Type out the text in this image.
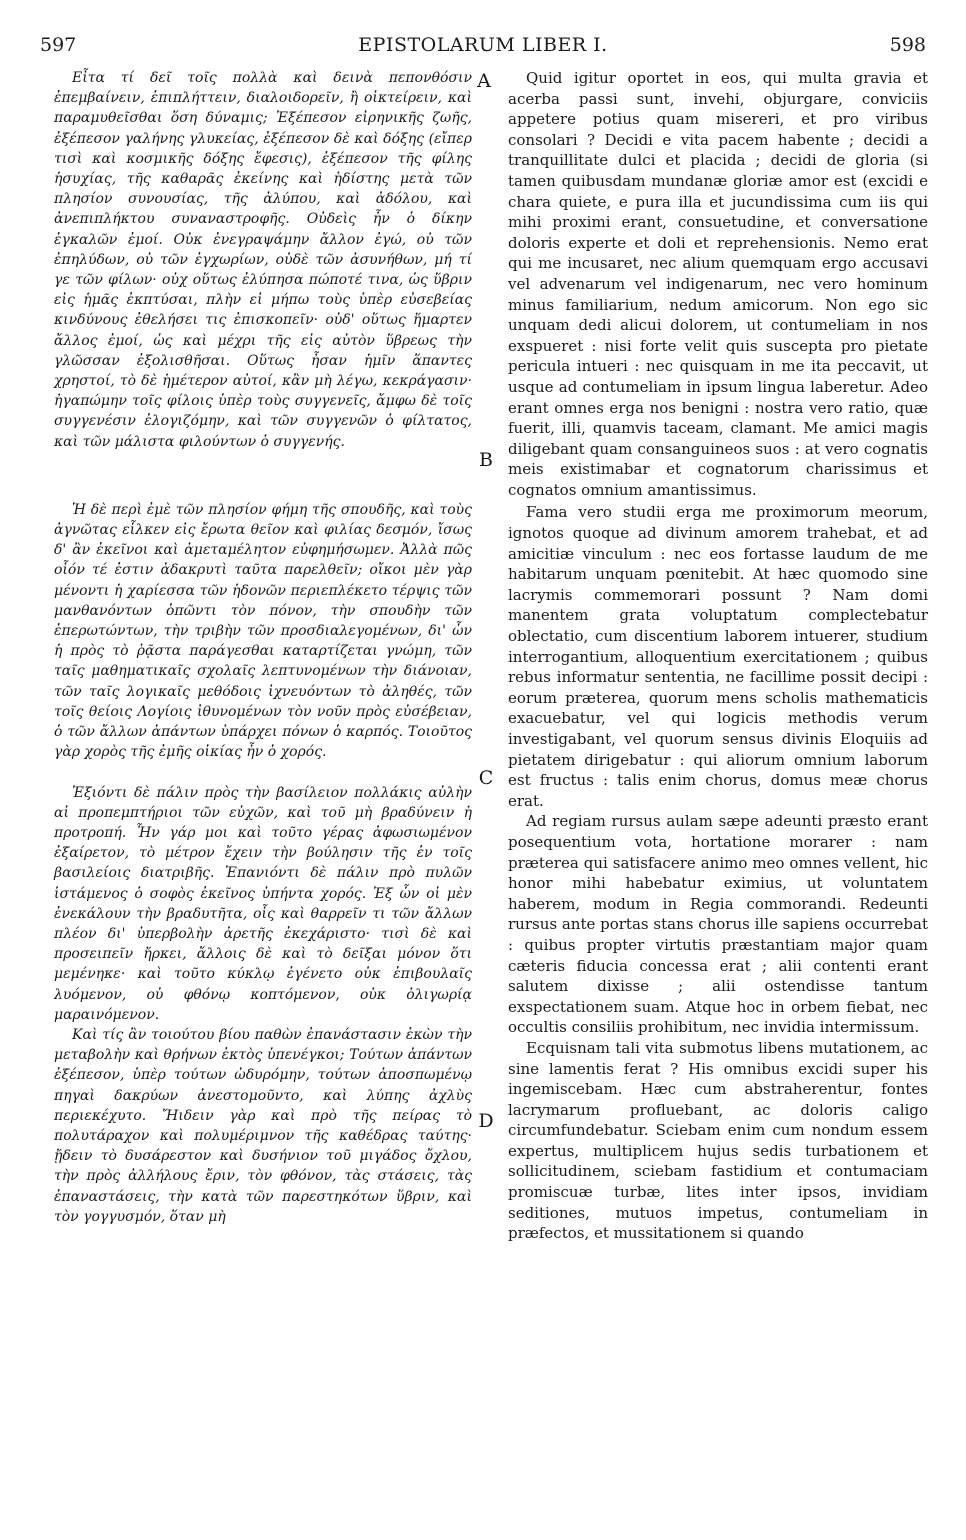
597	EPISTOLARUM LIBER I.	598

Εἶτα τί δεῖ τοῖς πολλὰ καὶ δεινὰ πεπονθόσιν ἐπεμβαίνειν, ἐπιπλήττειν, διαλοιδορεῖν, ἢ οἰκτείρειν, καὶ παραμυθεῖσθαι ὅση δύναμις; Ἐξέπεσον εἰρηνικῆς ζωῆς, ἐξέπεσον γαλήνης γλυκείας, ἐξέπεσον δὲ καὶ δόξης (εἴπερ τισὶ καὶ κοσμικῆς δόξης ἔφεσις), ἐξέπεσον τῆς φίλης ἡσυχίας, τῆς καθαρᾶς ἐκείνης καὶ ἡδίστης μετὰ τῶν πλησίον συνουσίας, τῆς ἀλύπου, καὶ ἀδόλου, καὶ ἀνεπιπλήκτου συναναστροφῆς. Οὐδεὶς ἦν ὁ δίκην ἐγκαλῶν ἐμοί. Οὐκ ἐνεγραψάμην ἄλλον ἐγώ, οὐ τῶν ἐπηλύδων, οὐ τῶν ἐγχωρίων, οὐδὲ τῶν ἀσυνήθων, μή τί γε τῶν φίλων· οὐχ οὕτως ἐλύπησα πώποτέ τινα, ὡς ὕβριν εἰς ἡμᾶς ἐκπτύσαι, πλὴν εἰ μήπω τοὺς ὑπὲρ εὐσεβείας κινδύνους ἐθελήσει τις ἐπισκοπεῖν· οὐδ' οὕτως ἥμαρτεν ἄλλος ἐμοί, ὡς καὶ μέχρι τῆς εἰς αὐτὸν ὕβρεως τὴν γλῶσσαν ἐξολισθῆσαι. Οὕτως ἦσαν ἡμῖν ἅπαντες χρηστοί, τὸ δὲ ἡμέτερον αὐτοί, κἂν μὴ λέγω, κεκράγασιν· ἠγαπώμην τοῖς φίλοις ὑπὲρ τοὺς συγγενεῖς, ἄμφω δὲ τοῖς συγγενέσιν ἐλογιζόμην, καὶ τῶν συγγενῶν ὁ φίλτατος, καὶ τῶν μάλιστα φιλούντων ὁ συγγενής.

Ἡ δὲ περὶ ἐμὲ τῶν πλησίον φήμη τῆς σπουδῆς, καὶ τοὺς ἀγνῶτας εἷλκεν εἰς ἔρωτα θεῖον καὶ φιλίας δεσμόν, ἴσως δ' ἂν ἐκεῖνοι καὶ ἀμεταμέλητον εὐφημήσωμεν. Ἀλλὰ πῶς οἷόν τέ ἐστιν ἀδακρυτὶ ταῦτα παρελθεῖν; οἴκοι μὲν γὰρ μένοντι ἡ χαρίεσσα τῶν ἡδονῶν περιεπλέκετο τέρψις τῶν μανθανόντων ὁπῶντι τὸν πόνον, τὴν σπουδὴν τῶν ἐπερωτώντων, τὴν τριβὴν τῶν προσδιαλεγομένων, δι' ὧν ἡ πρὸς τὸ ῥᾷστα παράγεσθαι καταρτίζεται γνώμη, τῶν ταῖς μαθηματικαῖς σχολαῖς λεπτυνομένων τὴν διάνοιαν, τῶν ταῖς λογικαῖς μεθόδοις ἰχνευόντων τὸ ἀληθές, τῶν τοῖς θείοις Λογίοις ἰθυνομένων τὸν νοῦν πρὸς εὐσέβειαν, ὁ τῶν ἄλλων ἁπάντων ὑπάρχει πόνων ὁ καρπός. Τοιοῦτος γὰρ χορὸς τῆς ἐμῆς οἰκίας ἦν ὁ χορός.

Ἐξιόντι δὲ πάλιν πρὸς τὴν βασίλειον πολλάκις αὐλὴν αἱ προπεμπτήριοι τῶν εὐχῶν, καὶ τοῦ μὴ βραδύνειν ἡ προτροπή. Ἦν γάρ μοι καὶ τοῦτο γέρας ἀφωσιωμένον ἐξαίρετον, τὸ μέτρον ἔχειν τὴν βούλησιν τῆς ἐν τοῖς βασιλείοις διατριβῆς. Ἐπανιόντι δὲ πάλιν πρὸ πυλῶν ἱστάμενος ὁ σοφὸς ἐκεῖνος ὑπήντα χορός. Ἐξ ὧν οἱ μὲν ἐνεκάλουν τὴν βραδυτῆτα, οἷς καὶ θαρρεῖν τι τῶν ἄλλων πλέον δι' ὑπερβολὴν ἀρετῆς ἐκεχάριστο· τισὶ δὲ καὶ προσειπεῖν ἤρκει, ἄλλοις δὲ καὶ τὸ δεῖξαι μόνον ὅτι μεμένηκε· καὶ τοῦτο κύκλῳ ἐγένετο οὐκ ἐπιβουλαῖς λυόμενον, οὐ φθόνῳ κοπτόμενον, οὐκ ὀλιγωρίᾳ μαραινόμενον.

Καὶ τίς ἂν τοιούτου βίου παθὼν ἐπανάστασιν ἑκὼν τὴν μεταβολὴν καὶ θρήνων ἐκτὸς ὑπενέγκοι; Τούτων ἁπάντων ἐξέπεσον, ὑπὲρ τούτων ὠδυρόμην, τούτων ἀποσπωμένῳ πηγαὶ δακρύων ἀνεστομοῦντο, καὶ λύπης ἀχλὺς περιεκέχυτο. Ἤιδειν γὰρ καὶ πρὸ τῆς πείρας τὸ πολυτάραχον καὶ πολυμέριμνον τῆς καθέδρας ταύτης· ᾔδειν τὸ δυσάρεστον καὶ δυσήνιον τοῦ μιγάδος ὄχλου, τὴν πρὸς ἀλλήλους ἔριν, τὸν φθόνον, τὰς στάσεις, τὰς ἐπαναστάσεις, τὴν κατὰ τῶν παρεστηκότων ὕβριν, καὶ τὸν γογγυσμόν, ὅταν μὴ

A
B
C
D

Quid igitur oportet in eos, qui multa gravia et acerba passi sunt, invehi, objurgare, conviciis appetere potius quam misereri, et pro viribus consolari ? Decidi e vita pacem habente ; decidi a tranquillitate dulci et placida ; decidi de gloria (si tamen quibusdam mundanæ gloriæ amor est (excidi e chara quiete, e pura illa et jucundissima cum iis qui mihi proximi erant, consuetudine, et conversatione doloris experte et doli et reprehensionis. Nemo erat qui me incusaret, nec alium quemquam ergo accusavi vel advenarum vel indigenarum, nec vero hominum minus familiarium, nedum amicorum. Non ego sic unquam dedi alicui dolorem, ut contumeliam in nos exspueret : nisi forte velit quis suscepta pro pietate pericula intueri : nec quisquam in me ita peccavit, ut usque ad contumeliam in ipsum lingua laberetur. Adeo erant omnes erga nos benigni : nostra vero ratio, quæ fuerit, illi, quamvis taceam, clamant. Me amici magis diligebant quam consanguineos suos : at vero cognatis meis existimabar et cognatorum charissimus et cognatos omnium amantissimus.

Fama vero studii erga me proximorum meorum, ignotos quoque ad divinum amorem trahebat, et ad amicitiæ vinculum : nec eos fortasse laudum de me habitarum unquam pœnitebit. At hæc quomodo sine lacrymis commemorari possunt ? Nam domi manentem grata voluptatum complectebatur oblectatio, cum discentium laborem intuerer, studium interrogantium, alloquentium exercitationem ; quibus rebus informatur sententia, ne facillime possit decipi : eorum præterea, quorum mens scholis mathematicis exacuebatur, vel qui logicis methodis verum investigabant, vel quorum sensus divinis Eloquiis ad pietatem dirigebatur : qui aliorum omnium laborum est fructus : talis enim chorus, domus meæ chorus erat.

Ad regiam rursus aulam sæpe adeunti præsto erant posequentium vota, hortatione morarer : nam præterea qui satisfacere animo meo omnes vellent, hic honor mihi habebatur eximius, ut voluntatem haberem, modum in Regia commorandi. Redeunti rursus ante portas stans chorus ille sapiens occurrebat : quibus propter virtutis præstantiam major quam cæteris fiducia concessa erat ; alii contenti erant salutem dixisse ; alii ostendisse tantum exspectationem suam. Atque hoc in orbem fiebat, nec occultis consiliis prohibitum, nec invidia intermissum.

Ecquisnam tali vita submotus libens mutationem, ac sine lamentis ferat ? His omnibus excidi super his ingemiscebam. Hæc cum abstraherentur, fontes lacrymarum profluebant, ac doloris caligo circumfundebatur. Sciebam enim cum nondum essem expertus, multiplicem hujus sedis turbationem et sollicitudinem, sciebam fastidium et contumaciam promiscuæ turbæ, lites inter ipsos, invidiam seditiones, mutuos impetus, contumeliam in præfectos, et mussitationem si quando
